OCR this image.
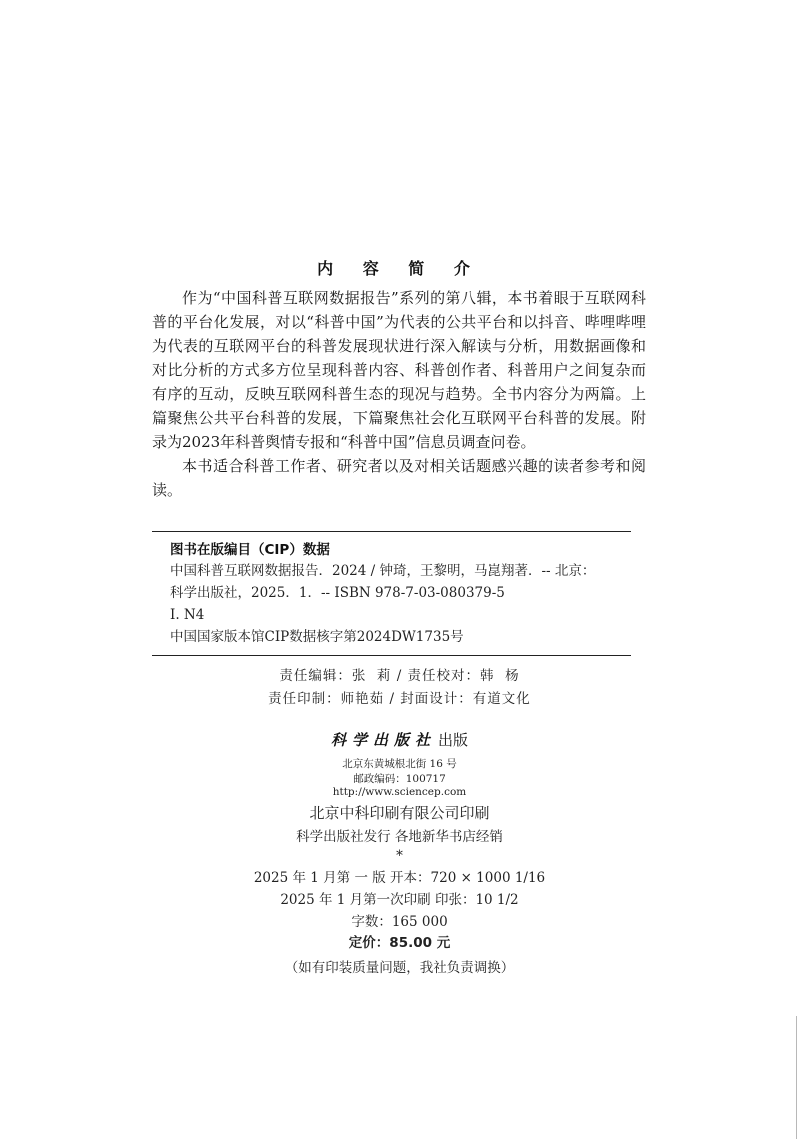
内 容 简 介

作为“中国科普互联网数据报告”系列的第八辑，本书着眼于互联网科普的平台化发展，对以“科普中国”为代表的公共平台和以抖音、哔哩哔哩为代表的互联网平台的科普发展现状进行深入解读与分析，用数据画像和对比分析的方式多方位呈现科普内容、科普创作者、科普用户之间复杂而有序的互动，反映互联网科普生态的现况与趋势。全书内容分为两篇。上篇聚焦公共平台科普的发展，下篇聚焦社会化互联网平台科普的发展。附录为2023年科普舆情专报和“科普中国”信息员调查问卷。

本书适合科普工作者、研究者以及对相关话题感兴趣的读者参考和阅读。

图书在版编目（CIP）数据
中国科普互联网数据报告．2024 / 钟琦，王黎明，马崑翔著．-- 北京：
科学出版社，2025．1．-- ISBN 978-7-03-080379-5
Ⅰ. N4
中国国家版本馆CIP数据核字第2024DW1735号
责任编辑：张  莉 / 责任校对：韩  杨
责任印制：师艳茹 / 封面设计：有道文化
科学出版社 出版
北京东黄城根北街 16 号
邮政编码：100717
http://www.sciencep.com
北京中科印刷有限公司印刷
科学出版社发行 各地新华书店经销
*
2025 年 1 月第 一 版 开本：720 × 1000 1/16
2025 年 1 月第一次印刷 印张：10 1/2
字数：165 000
定价：85.00 元
（如有印装质量问题，我社负责调换）
